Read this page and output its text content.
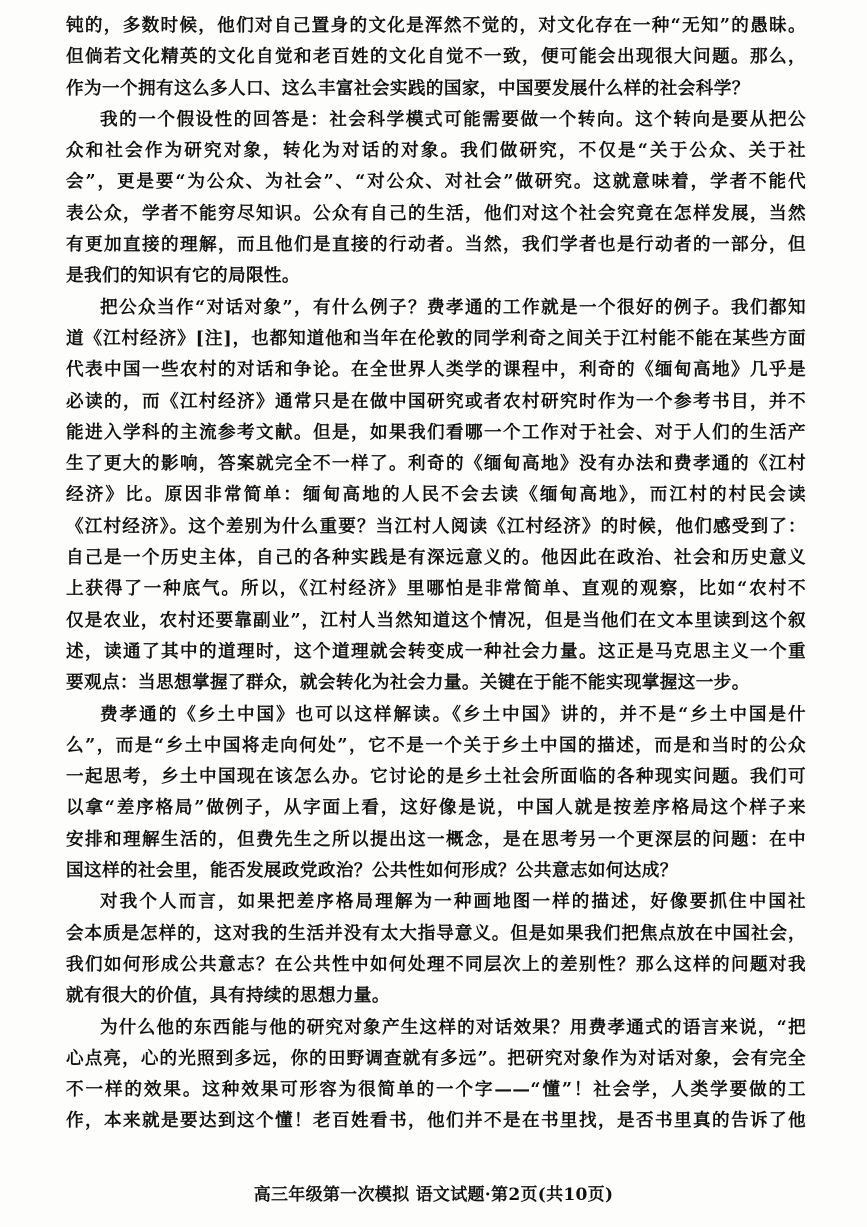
钝的，多数时候，他们对自己置身的文化是浑然不觉的，对文化存在一种“无知”的愚昧。
但倘若文化精英的文化自觉和老百姓的文化自觉不一致，便可能会出现很大问题。那么，
作为一个拥有这么多人口、这么丰富社会实践的国家，中国要发展什么样的社会科学？
我的一个假设性的回答是：社会科学模式可能需要做一个转向。这个转向是要从把公
众和社会作为研究对象，转化为对话的对象。我们做研究，不仅是“关于公众、关于社
会”，更是要“为公众、为社会”、“对公众、对社会”做研究。这就意味着，学者不能代
表公众，学者不能穷尽知识。公众有自己的生活，他们对这个社会究竟在怎样发展，当然
有更加直接的理解，而且他们是直接的行动者。当然，我们学者也是行动者的一部分，但
是我们的知识有它的局限性。
把公众当作“对话对象”，有什么例子？费孝通的工作就是一个很好的例子。我们都知
道《江村经济》[注]，也都知道他和当年在伦敦的同学利奇之间关于江村能不能在某些方面
代表中国一些农村的对话和争论。在全世界人类学的课程中，利奇的《缅甸高地》几乎是
必读的，而《江村经济》通常只是在做中国研究或者农村研究时作为一个参考书目，并不
能进入学科的主流参考文献。但是，如果我们看哪一个工作对于社会、对于人们的生活产
生了更大的影响，答案就完全不一样了。利奇的《缅甸高地》没有办法和费孝通的《江村
经济》比。原因非常简单：缅甸高地的人民不会去读《缅甸高地》，而江村的村民会读
《江村经济》。这个差别为什么重要？当江村人阅读《江村经济》的时候，他们感受到了：
自己是一个历史主体，自己的各种实践是有深远意义的。他因此在政治、社会和历史意义
上获得了一种底气。所以，《江村经济》里哪怕是非常简单、直观的观察，比如“农村不
仅是农业，农村还要靠副业”，江村人当然知道这个情况，但是当他们在文本里读到这个叙
述，读通了其中的道理时，这个道理就会转变成一种社会力量。这正是马克思主义一个重
要观点：当思想掌握了群众，就会转化为社会力量。关键在于能不能实现掌握这一步。
费孝通的《乡土中国》也可以这样解读。《乡土中国》讲的，并不是“乡土中国是什
么”，而是“乡土中国将走向何处”，它不是一个关于乡土中国的描述，而是和当时的公众
一起思考，乡土中国现在该怎么办。它讨论的是乡土社会所面临的各种现实问题。我们可
以拿“差序格局”做例子，从字面上看，这好像是说，中国人就是按差序格局这个样子来
安排和理解生活的，但费先生之所以提出这一概念，是在思考另一个更深层的问题：在中
国这样的社会里，能否发展政党政治？公共性如何形成？公共意志如何达成？
对我个人而言，如果把差序格局理解为一种画地图一样的描述，好像要抓住中国社
会本质是怎样的，这对我的生活并没有太大指导意义。但是如果我们把焦点放在中国社会，
我们如何形成公共意志？在公共性中如何处理不同层次上的差别性？那么这样的问题对我
就有很大的价值，具有持续的思想力量。
为什么他的东西能与他的研究对象产生这样的对话效果？用费孝通式的语言来说，“把
心点亮，心的光照到多远，你的田野调查就有多远”。把研究对象作为对话对象，会有完全
不一样的效果。这种效果可形容为很简单的一个字——“懂”！社会学，人类学要做的工
作，本来就是要达到这个懂！老百姓看书，他们并不是在书里找，是否书里真的告诉了他
高三年级第一次模拟 语文试题·第2页(共10页)
